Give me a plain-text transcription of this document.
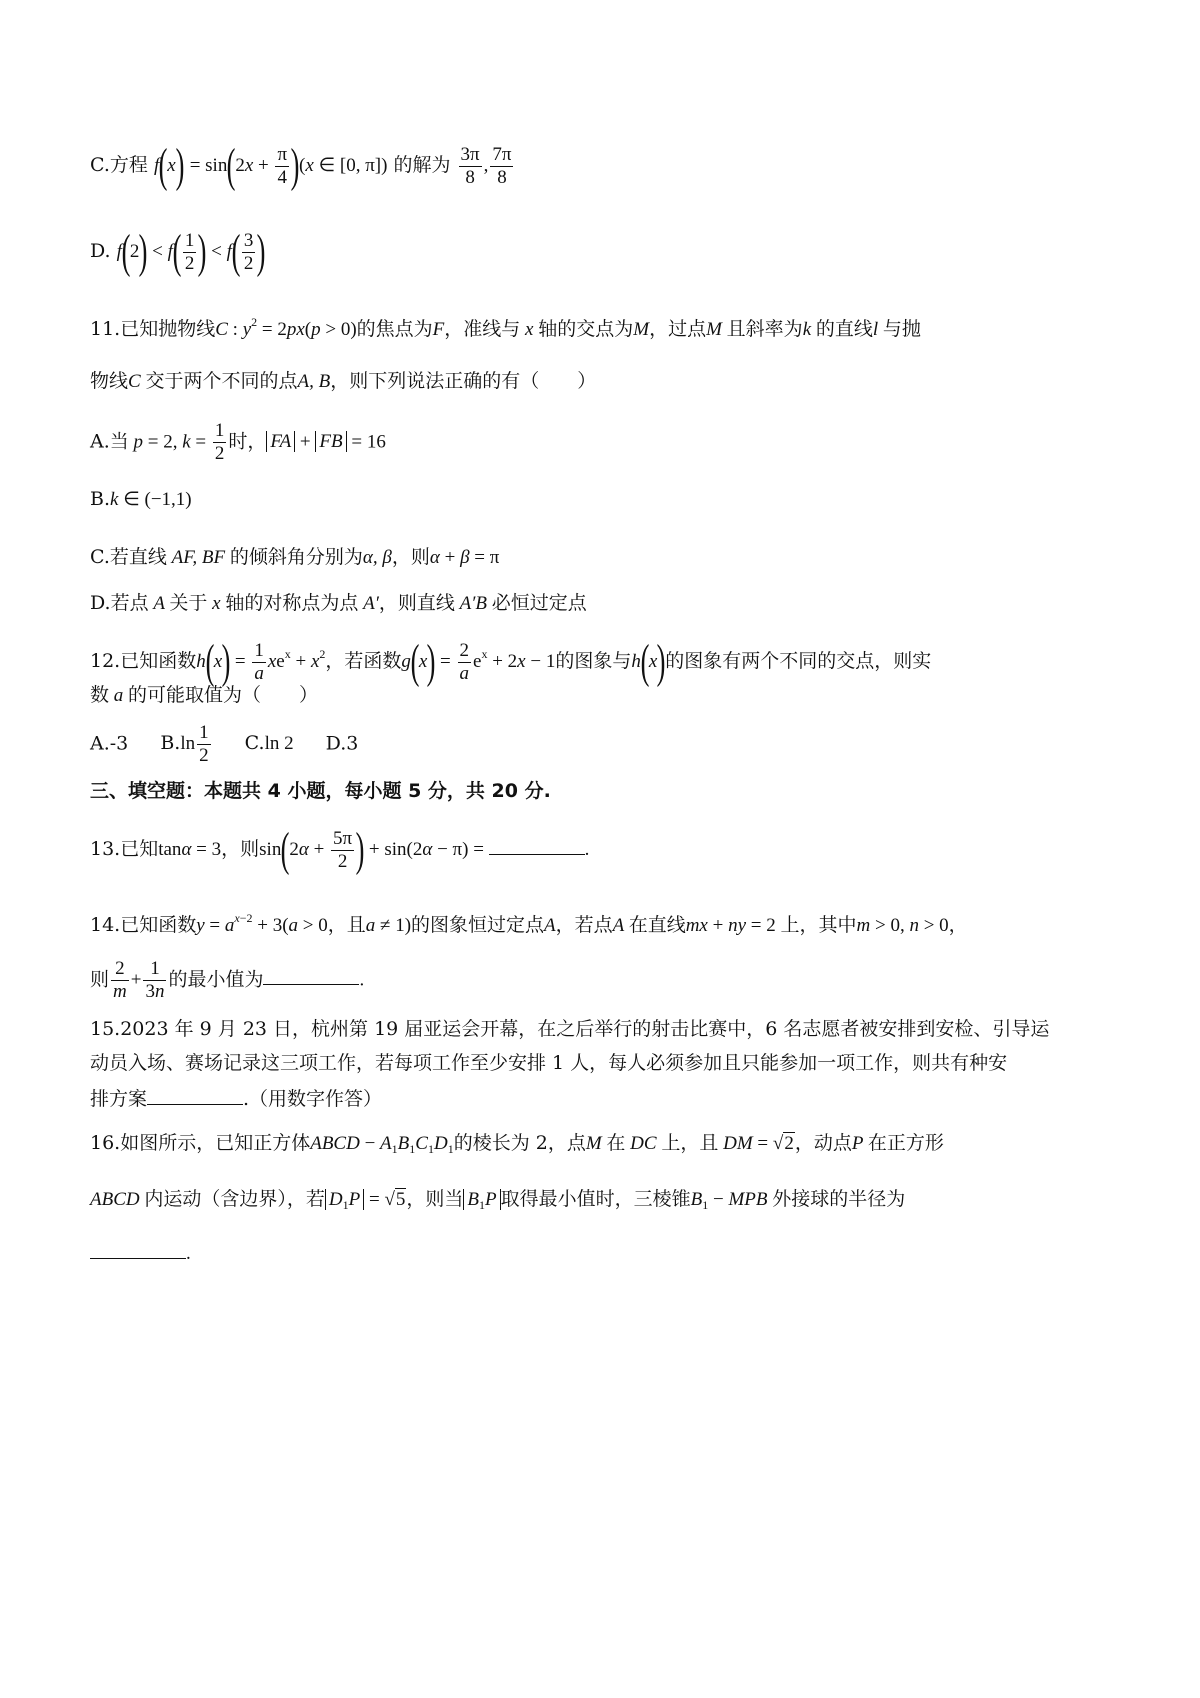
C.方程 $f(x) = \sin(2x + \frac{\pi}{4} )(x$ ∈ [0, π]) 的解为 $\frac{3\pi}{8}$ , $\frac{7\pi}{8}$
D. $f(2) < f( \frac{1}{2}$ ) < $f( \frac{3}{2}$ )
11.已知抛物线C : $y^2 = 2px(p > 0)$的焦点为F，准线与 x 轴的交点为M，过点M 且斜率为k 的直线l 与抛
物线C 交于两个不同的点A, B，则下列说法正确的有（　　）
A.当 p = 2, $k = \frac{1}{2}$ 时， FA + FB = 16
B.k ∈ (−1,1)
C.若直线 AF, BF 的倾斜角分别为α, β，则α + β = π
D.若点 A 关于 x 轴的对称点为点 A′，则直线 A′B 必恒过定点
12.已知函数$h(x) = \frac{1}{a} xe^x + x^2$，若函数$g(x) = \frac{2}{a} e^x + 2x - 1$的图象与h(x)的图象有两个不同的交点，则实
数 a 的可能取值为（　　）
A.-3 $B.\ln \frac{1}{2} C.\ln$ 2 D.3
三、填空题：本题共 4 小题，每小题 5 分，共 20 分.
13.已知tanα = 3，则$\sin(2\alpha + \frac{5\pi}{2}$ ) + sin(2α − π) =	.
14.已知函数$y = a^{x-2} + 3(a > 0$，且a ≠ 1)的图象恒过定点A，若点A 在直线mx + ny = 2 上，其中m > 0, n > 0，
则 $\frac{2}{m} + \frac{1}{3n}$ 的最小值为	.
15.2023 年 9 月 23 日，杭州第 19 届亚运会开幕，在之后举行的射击比赛中，6 名志愿者被安排到安检、引导运
动员入场、赛场记录这三项工作，若每项工作至少安排 1 人，每人必须参加且只能参加一项工作，则共有种安
排方案	.（用数字作答）
16.如图所示，已知正方体ABCD − $A_1B_1C_1D_1$的棱长为 2，点M 在 DC 上，且 DM = √2，动点P 在正方形
ABCD 内运动（含边界），若 $D_1P = √5$，则当 $B_1P$ 取得最小值时，三棱锥$B_1$ − MPB 外接球的半径为
.
